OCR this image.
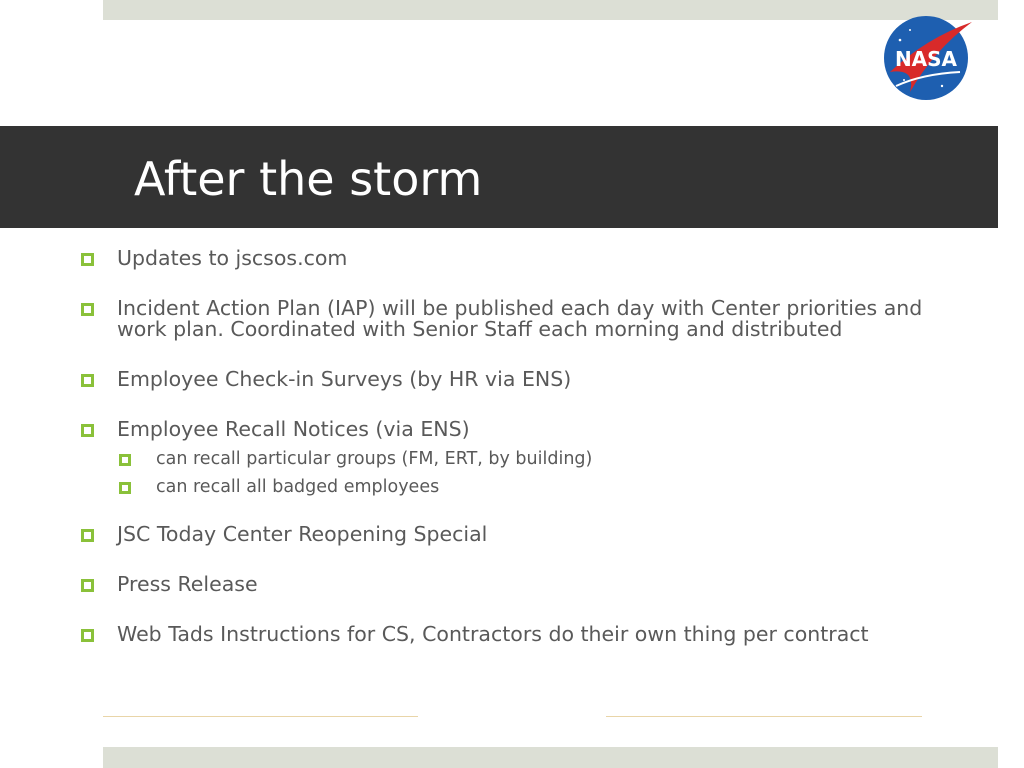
NASA
After the storm
Updates to jscsos.com
Incident Action Plan (IAP) will be published each day with Center priorities and work plan. Coordinated with Senior Staff each morning and distributed
Employee Check-in Surveys (by HR via ENS)
Employee Recall Notices (via ENS)
can recall particular groups (FM, ERT, by building)
can recall all badged employees
JSC Today Center Reopening Special
Press Release
Web Tads Instructions for CS, Contractors do their own thing per contract
